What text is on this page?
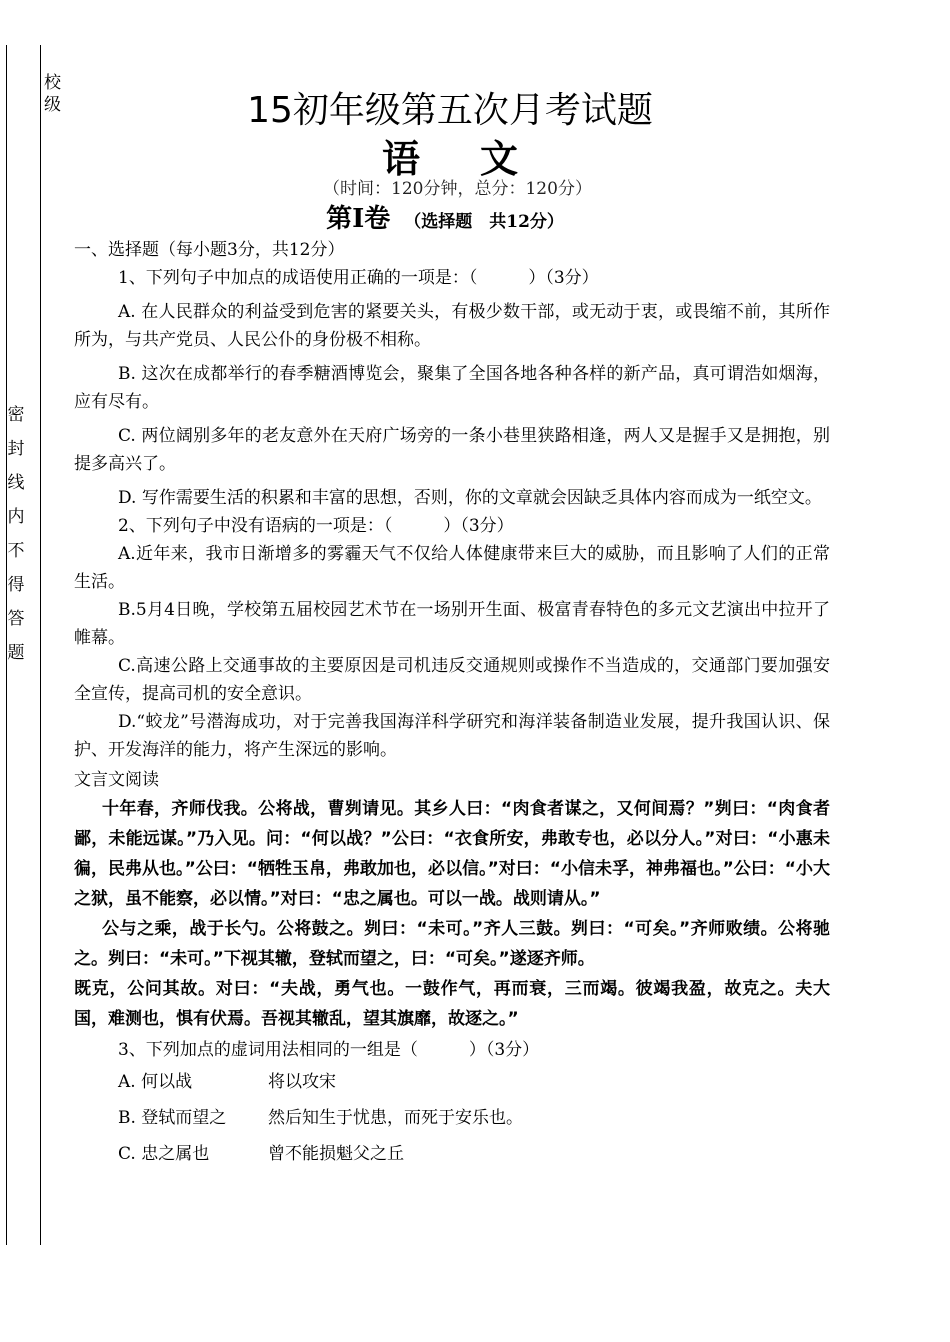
校
级
密
封
线
内
不
得
答
题
15初年级第五次月考试题
语文
（时间：120分钟，总分：120分）
第Ⅰ卷 （选择题　共12分）

一、选择题（每小题3分，共12分）

1、下列句子中加点的成语使用正确的一项是：（　　　）（3分）

A. 在人民群众的利益受到危害的紧要关头，有极少数干部，或无动于衷，或畏缩不前，其所作所为，与共产党员、人民公仆的身份极不相称。

B. 这次在成都举行的春季糖酒博览会，聚集了全国各地各种各样的新产品，真可谓浩如烟海，应有尽有。

C. 两位阔别多年的老友意外在天府广场旁的一条小巷里狭路相逢，两人又是握手又是拥抱，别提多高兴了。

D. 写作需要生活的积累和丰富的思想，否则，你的文章就会因缺乏具体内容而成为一纸空文。

2、下列句子中没有语病的一项是：（　　　）（3分）

A.近年来，我市日渐增多的雾霾天气不仅给人体健康带来巨大的威胁，而且影响了人们的正常生活。

B.5月4日晚，学校第五届校园艺术节在一场别开生面、极富青春特色的多元文艺演出中拉开了帷幕。

C.高速公路上交通事故的主要原因是司机违反交通规则或操作不当造成的，交通部门要加强安全宣传，提高司机的安全意识。

D.“蛟龙”号潜海成功，对于完善我国海洋科学研究和海洋装备制造业发展，提升我国认识、保护、开发海洋的能力，将产生深远的影响。

文言文阅读

十年春，齐师伐我。公将战，曹刿请见。其乡人曰：“肉食者谋之，又何间焉？”刿曰：“肉食者鄙，未能远谋。”乃入见。问：“何以战？”公曰：“衣食所安，弗敢专也，必以分人。”对曰：“小惠未徧，民弗从也。”公曰：“牺牲玉帛，弗敢加也，必以信。”对曰：“小信未孚，神弗福也。”公曰：“小大之狱，虽不能察，必以情。”对曰：“忠之属也。可以一战。战则请从。”

公与之乘，战于长勺。公将鼓之。刿曰：“未可。”齐人三鼓。刿曰：“可矣。”齐师败绩。公将驰之。刿曰：“未可。”下视其辙，登轼而望之，曰：“可矣。”遂逐齐师。

既克，公问其故。对曰：“夫战，勇气也。一鼓作气，再而衰，三而竭。彼竭我盈，故克之。夫大国，难测也，惧有伏焉。吾视其辙乱，望其旗靡，故逐之。”

3、下列加点的虚词用法相同的一组是（　　　）（3分）

A. 何以战	将以攻宋
B. 登轼而望之 然后知生于忧患，而死于安乐也。
C. 忠之属也	曾不能损魁父之丘
